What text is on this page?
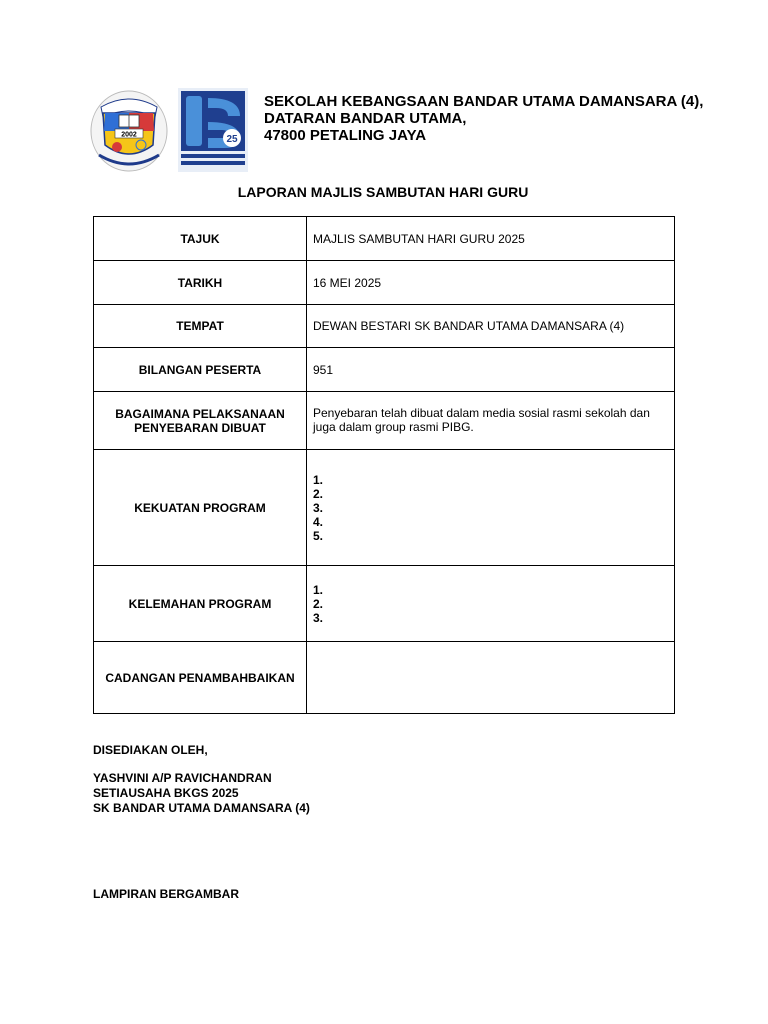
2002	25
SEKOLAH KEBANGSAAN BANDAR UTAMA DAMANSARA (4),
DATARAN BANDAR UTAMA,
47800 PETALING JAYA
LAPORAN MAJLIS SAMBUTAN HARI GURU
TAJUK	MAJLIS SAMBUTAN HARI GURU 2025
TARIKH	16 MEI 2025
TEMPAT	DEWAN BESTARI SK BANDAR UTAMA DAMANSARA (4)
BILANGAN PESERTA	951
BAGAIMANA PELAKSANAAN PENYEBARAN DIBUAT	Penyebaran telah dibuat dalam media sosial rasmi sekolah dan juga dalam group rasmi PIBG.
KEKUATAN PROGRAM	1.
2.
3.
4.
5.

KELEMAHAN PROGRAM	1.
2.
3.

CADANGAN PENAMBAHBAIKAN	
DISEDIAKAN OLEH,
YASHVINI A/P RAVICHANDRAN
SETIAUSAHA BKGS 2025
SK BANDAR UTAMA DAMANSARA (4)
LAMPIRAN BERGAMBAR
